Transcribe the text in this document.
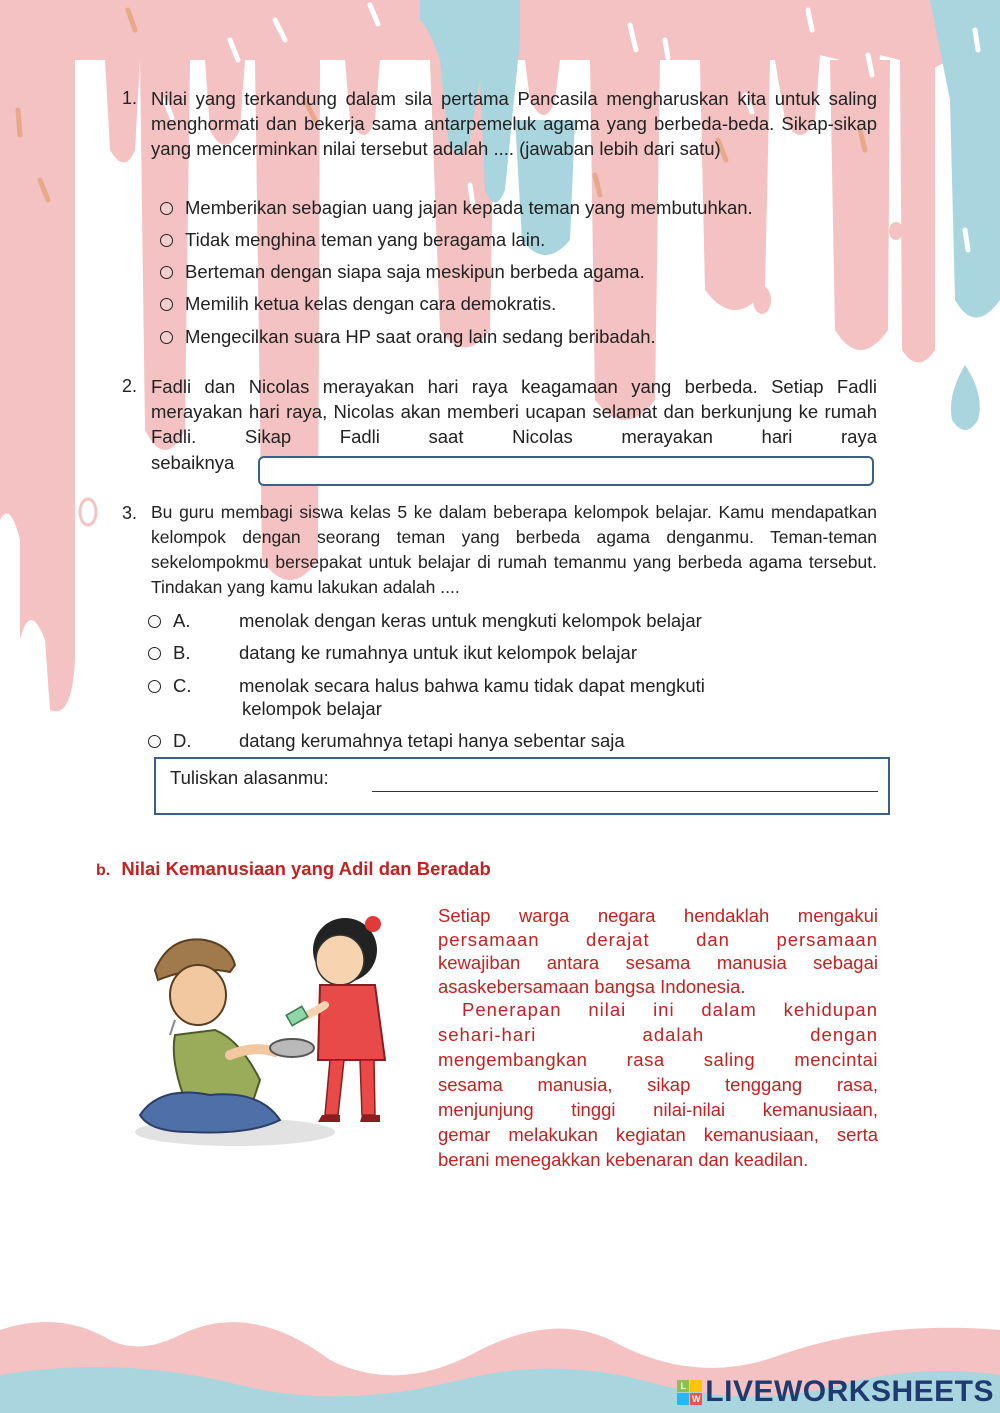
1. Nilai yang terkandung dalam sila pertama Pancasila mengharuskan kita untuk saling menghormati dan bekerja sama antarpemeluk agama yang berbeda-beda. Sikap-sikap yang mencerminkan nilai tersebut adalah .... (jawaban lebih dari satu)
Memberikan sebagian uang jajan kepada teman yang membutuhkan.
Tidak menghina teman yang beragama lain.
Berteman dengan siapa saja meskipun berbeda agama.
Memilih ketua kelas dengan cara demokratis.
Mengecilkan suara HP saat orang lain sedang beribadah.
2. Fadli dan Nicolas merayakan hari raya keagamaan yang berbeda. Setiap Fadli merayakan hari raya, Nicolas akan memberi ucapan selamat dan berkunjung ke rumah Fadli. Sikap Fadli saat Nicolas merayakan hari raya
sebaiknya
3. Bu guru membagi siswa kelas 5 ke dalam beberapa kelompok belajar. Kamu mendapatkan kelompok dengan seorang teman yang berbeda agama denganmu. Teman-teman sekelompokmu bersepakat untuk belajar di rumah temanmu yang berbeda agama tersebut. Tindakan yang kamu lakukan adalah ....
A.	menolak dengan keras untuk mengkuti kelompok belajar
B.	datang ke rumahnya untuk ikut kelompok belajar
C.	menolak secara halus bahwa kamu tidak dapat mengkuti
kelompok belajar
D.	datang kerumahnya tetapi hanya sebentar saja
Tuliskan alasanmu:
b. Nilai Kemanusiaan yang Adil dan Beradab
Setiap warga negara hendaklah mengakui
persamaan derajat dan persamaan
kewajiban antara sesama manusia sebagai
asaskebersamaan bangsa Indonesia.
Penerapan nilai ini dalam kehidupan
sehari-hari adalah dengan
mengembangkan rasa saling mencintai
sesama manusia, sikap tenggang rasa,
menjunjung tinggi nilai-nilai kemanusiaan,
gemar melakukan kegiatan kemanusiaan, serta
berani menegakkan kebenaran dan keadilan.
L
W LIVEWORKSHEETS
